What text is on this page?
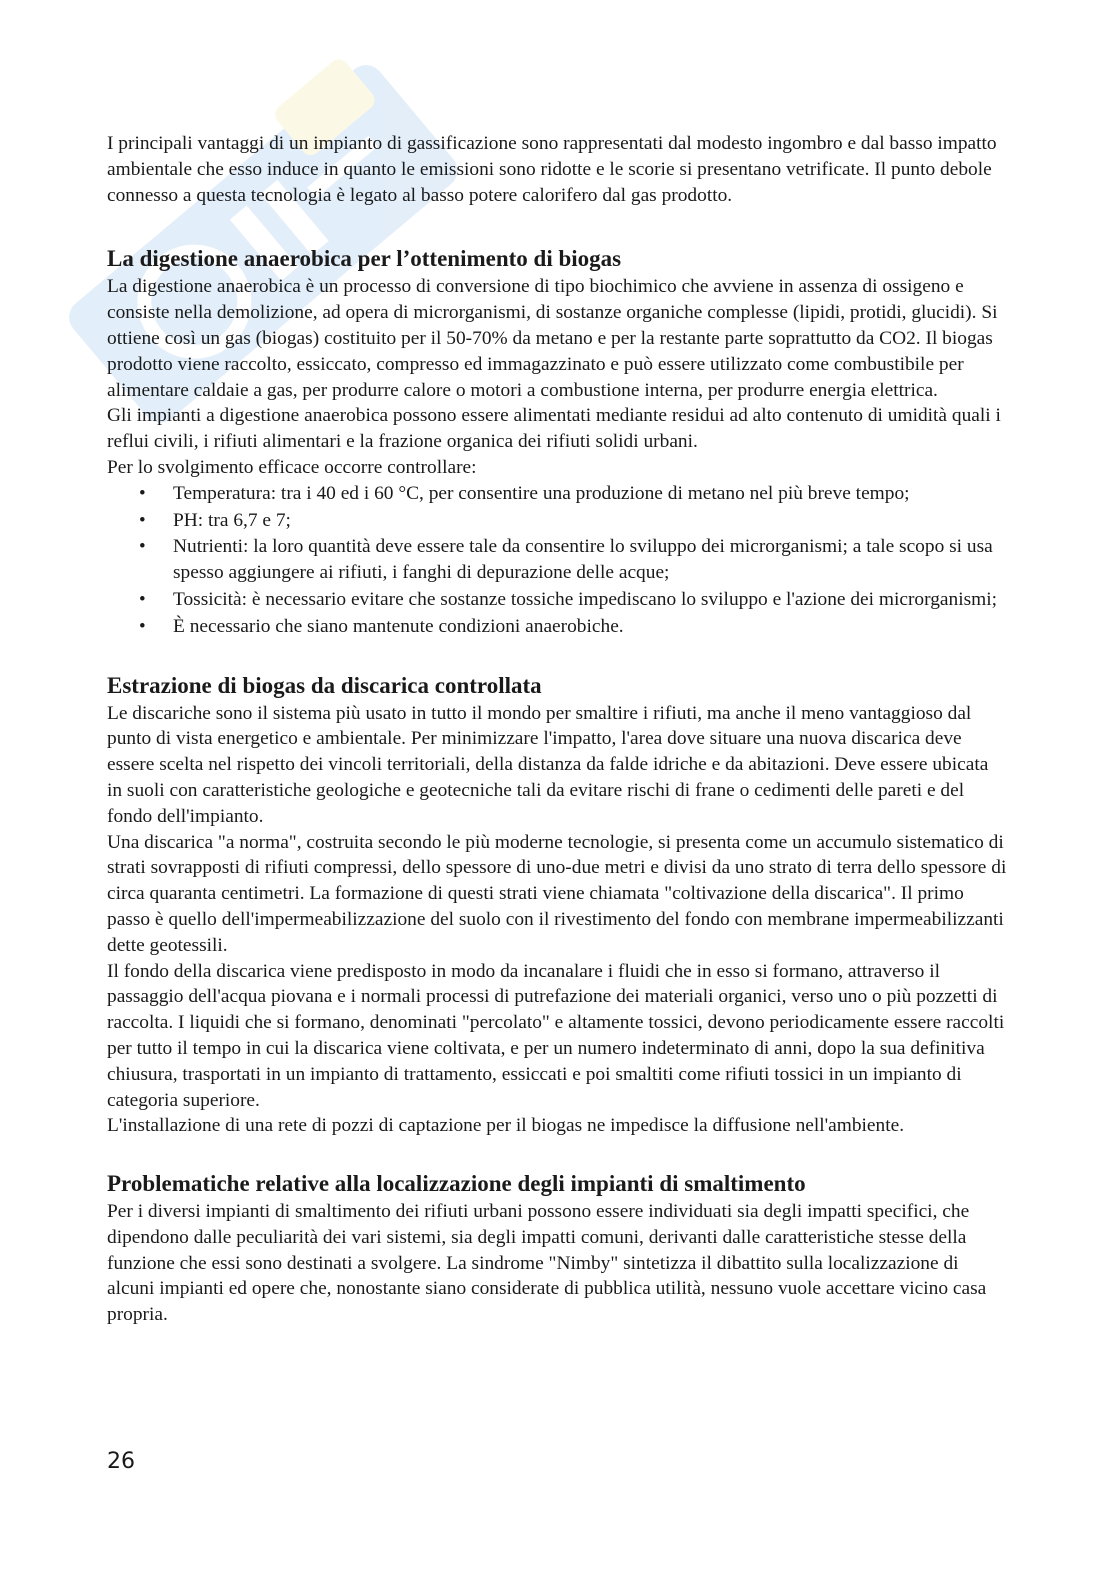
I principali vantaggi di un impianto di gassificazione sono rappresentati dal modesto ingombro e dal basso impatto ambientale che esso induce in quanto le emissioni sono ridotte e le scorie si presentano vetrificate. Il punto debole connesso a questa tecnologia è legato al basso potere calorifero dal gas prodotto.

La digestione anaerobica per l’ottenimento di biogas

La digestione anaerobica è un processo di conversione di tipo biochimico che avviene in assenza di ossigeno e consiste nella demolizione, ad opera di microrganismi, di sostanze organiche complesse (lipidi, protidi, glucidi). Si ottiene così un gas (biogas) costituito per il 50-70% da metano e per la restante parte soprattutto da CO2. Il biogas prodotto viene raccolto, essiccato, compresso ed immagazzinato e può essere utilizzato come combustibile per alimentare caldaie a gas, per produrre calore o motori a combustione interna, per produrre energia elettrica.

Gli impianti a digestione anaerobica possono essere alimentati mediante residui ad alto contenuto di umidità quali i reflui civili, i rifiuti alimentari e la frazione organica dei rifiuti solidi urbani.

Per lo svolgimento efficace occorre controllare:

• Temperatura: tra i 40 ed i 60 °C, per consentire una produzione di metano nel più breve tempo;
• PH: tra 6,7 e 7;
• Nutrienti: la loro quantità deve essere tale da consentire lo sviluppo dei microrganismi; a tale scopo si usa spesso aggiungere ai rifiuti, i fanghi di depurazione delle acque;
• Tossicità: è necessario evitare che sostanze tossiche impediscano lo sviluppo e l'azione dei microrganismi;
• È necessario che siano mantenute condizioni anaerobiche.
Estrazione di biogas da discarica controllata

Le discariche sono il sistema più usato in tutto il mondo per smaltire i rifiuti, ma anche il meno vantaggioso dal punto di vista energetico e ambientale. Per minimizzare l'impatto, l'area dove situare una nuova discarica deve essere scelta nel rispetto dei vincoli territoriali, della distanza da falde idriche e da abitazioni. Deve essere ubicata in suoli con caratteristiche geologiche e geotecniche tali da evitare rischi di frane o cedimenti delle pareti e del fondo dell'impianto.

Una discarica "a norma", costruita secondo le più moderne tecnologie, si presenta come un accumulo sistematico di strati sovrapposti di rifiuti compressi, dello spessore di uno-due metri e divisi da uno strato di terra dello spessore di circa quaranta centimetri. La formazione di questi strati viene chiamata "coltivazione della discarica". Il primo passo è quello dell'impermeabilizzazione del suolo con il rivestimento del fondo con membrane impermeabilizzanti dette geotessili.

Il fondo della discarica viene predisposto in modo da incanalare i fluidi che in esso si formano, attraverso il passaggio dell'acqua piovana e i normali processi di putrefazione dei materiali organici, verso uno o più pozzetti di raccolta. I liquidi che si formano, denominati "percolato" e altamente tossici, devono periodicamente essere raccolti per tutto il tempo in cui la discarica viene coltivata, e per un numero indeterminato di anni, dopo la sua definitiva chiusura, trasportati in un impianto di trattamento, essiccati e poi smaltiti come rifiuti tossici in un impianto di categoria superiore.

L'installazione di una rete di pozzi di captazione per il biogas ne impedisce la diffusione nell'ambiente.

Problematiche relative alla localizzazione degli impianti di smaltimento

Per i diversi impianti di smaltimento dei rifiuti urbani possono essere individuati sia degli impatti specifici, che dipendono dalle peculiarità dei vari sistemi, sia degli impatti comuni, derivanti dalle caratteristiche stesse della funzione che essi sono destinati a svolgere. La sindrome "Nimby" sintetizza il dibattito sulla localizzazione di alcuni impianti ed opere che, nonostante siano considerate di pubblica utilità, nessuno vuole accettare vicino casa propria.

26
